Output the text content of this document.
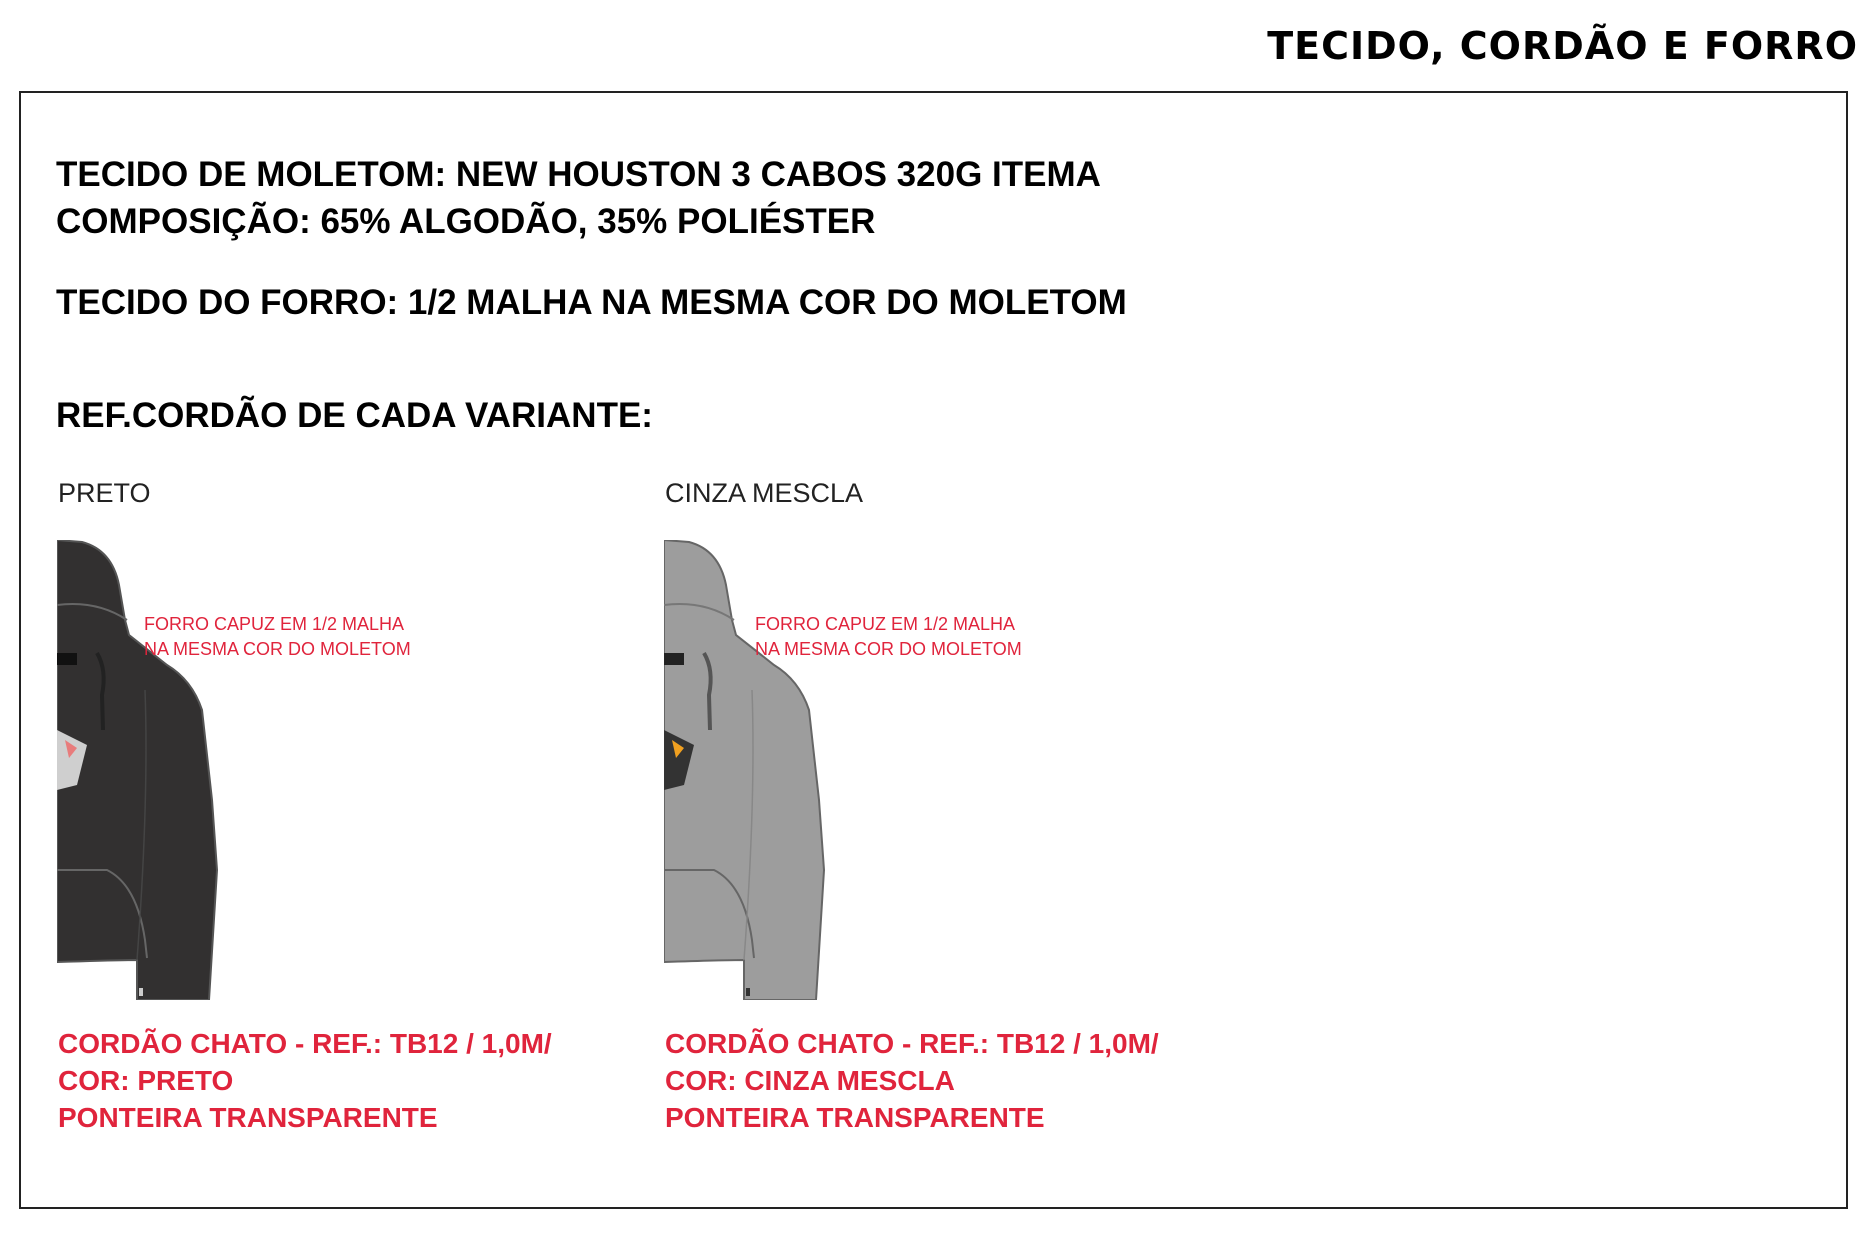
TECIDO, CORDÃO E FORRO
TECIDO DE MOLETOM: NEW HOUSTON 3 CABOS 320G ITEMA
COMPOSIÇÃO: 65% ALGODÃO, 35% POLIÉSTER
TECIDO DO FORRO: 1/2 MALHA NA MESMA COR DO MOLETOM
REF.CORDÃO DE CADA VARIANTE:
PRETO
FORRO CAPUZ EM 1/2 MALHA
NA MESMA COR DO MOLETOM
CORDÃO CHATO - REF.: TB12 / 1,0M/
COR: PRETO
PONTEIRA TRANSPARENTE
CINZA MESCLA
FORRO CAPUZ EM 1/2 MALHA
NA MESMA COR DO MOLETOM
CORDÃO CHATO - REF.: TB12 / 1,0M/
COR: CINZA MESCLA
PONTEIRA TRANSPARENTE
